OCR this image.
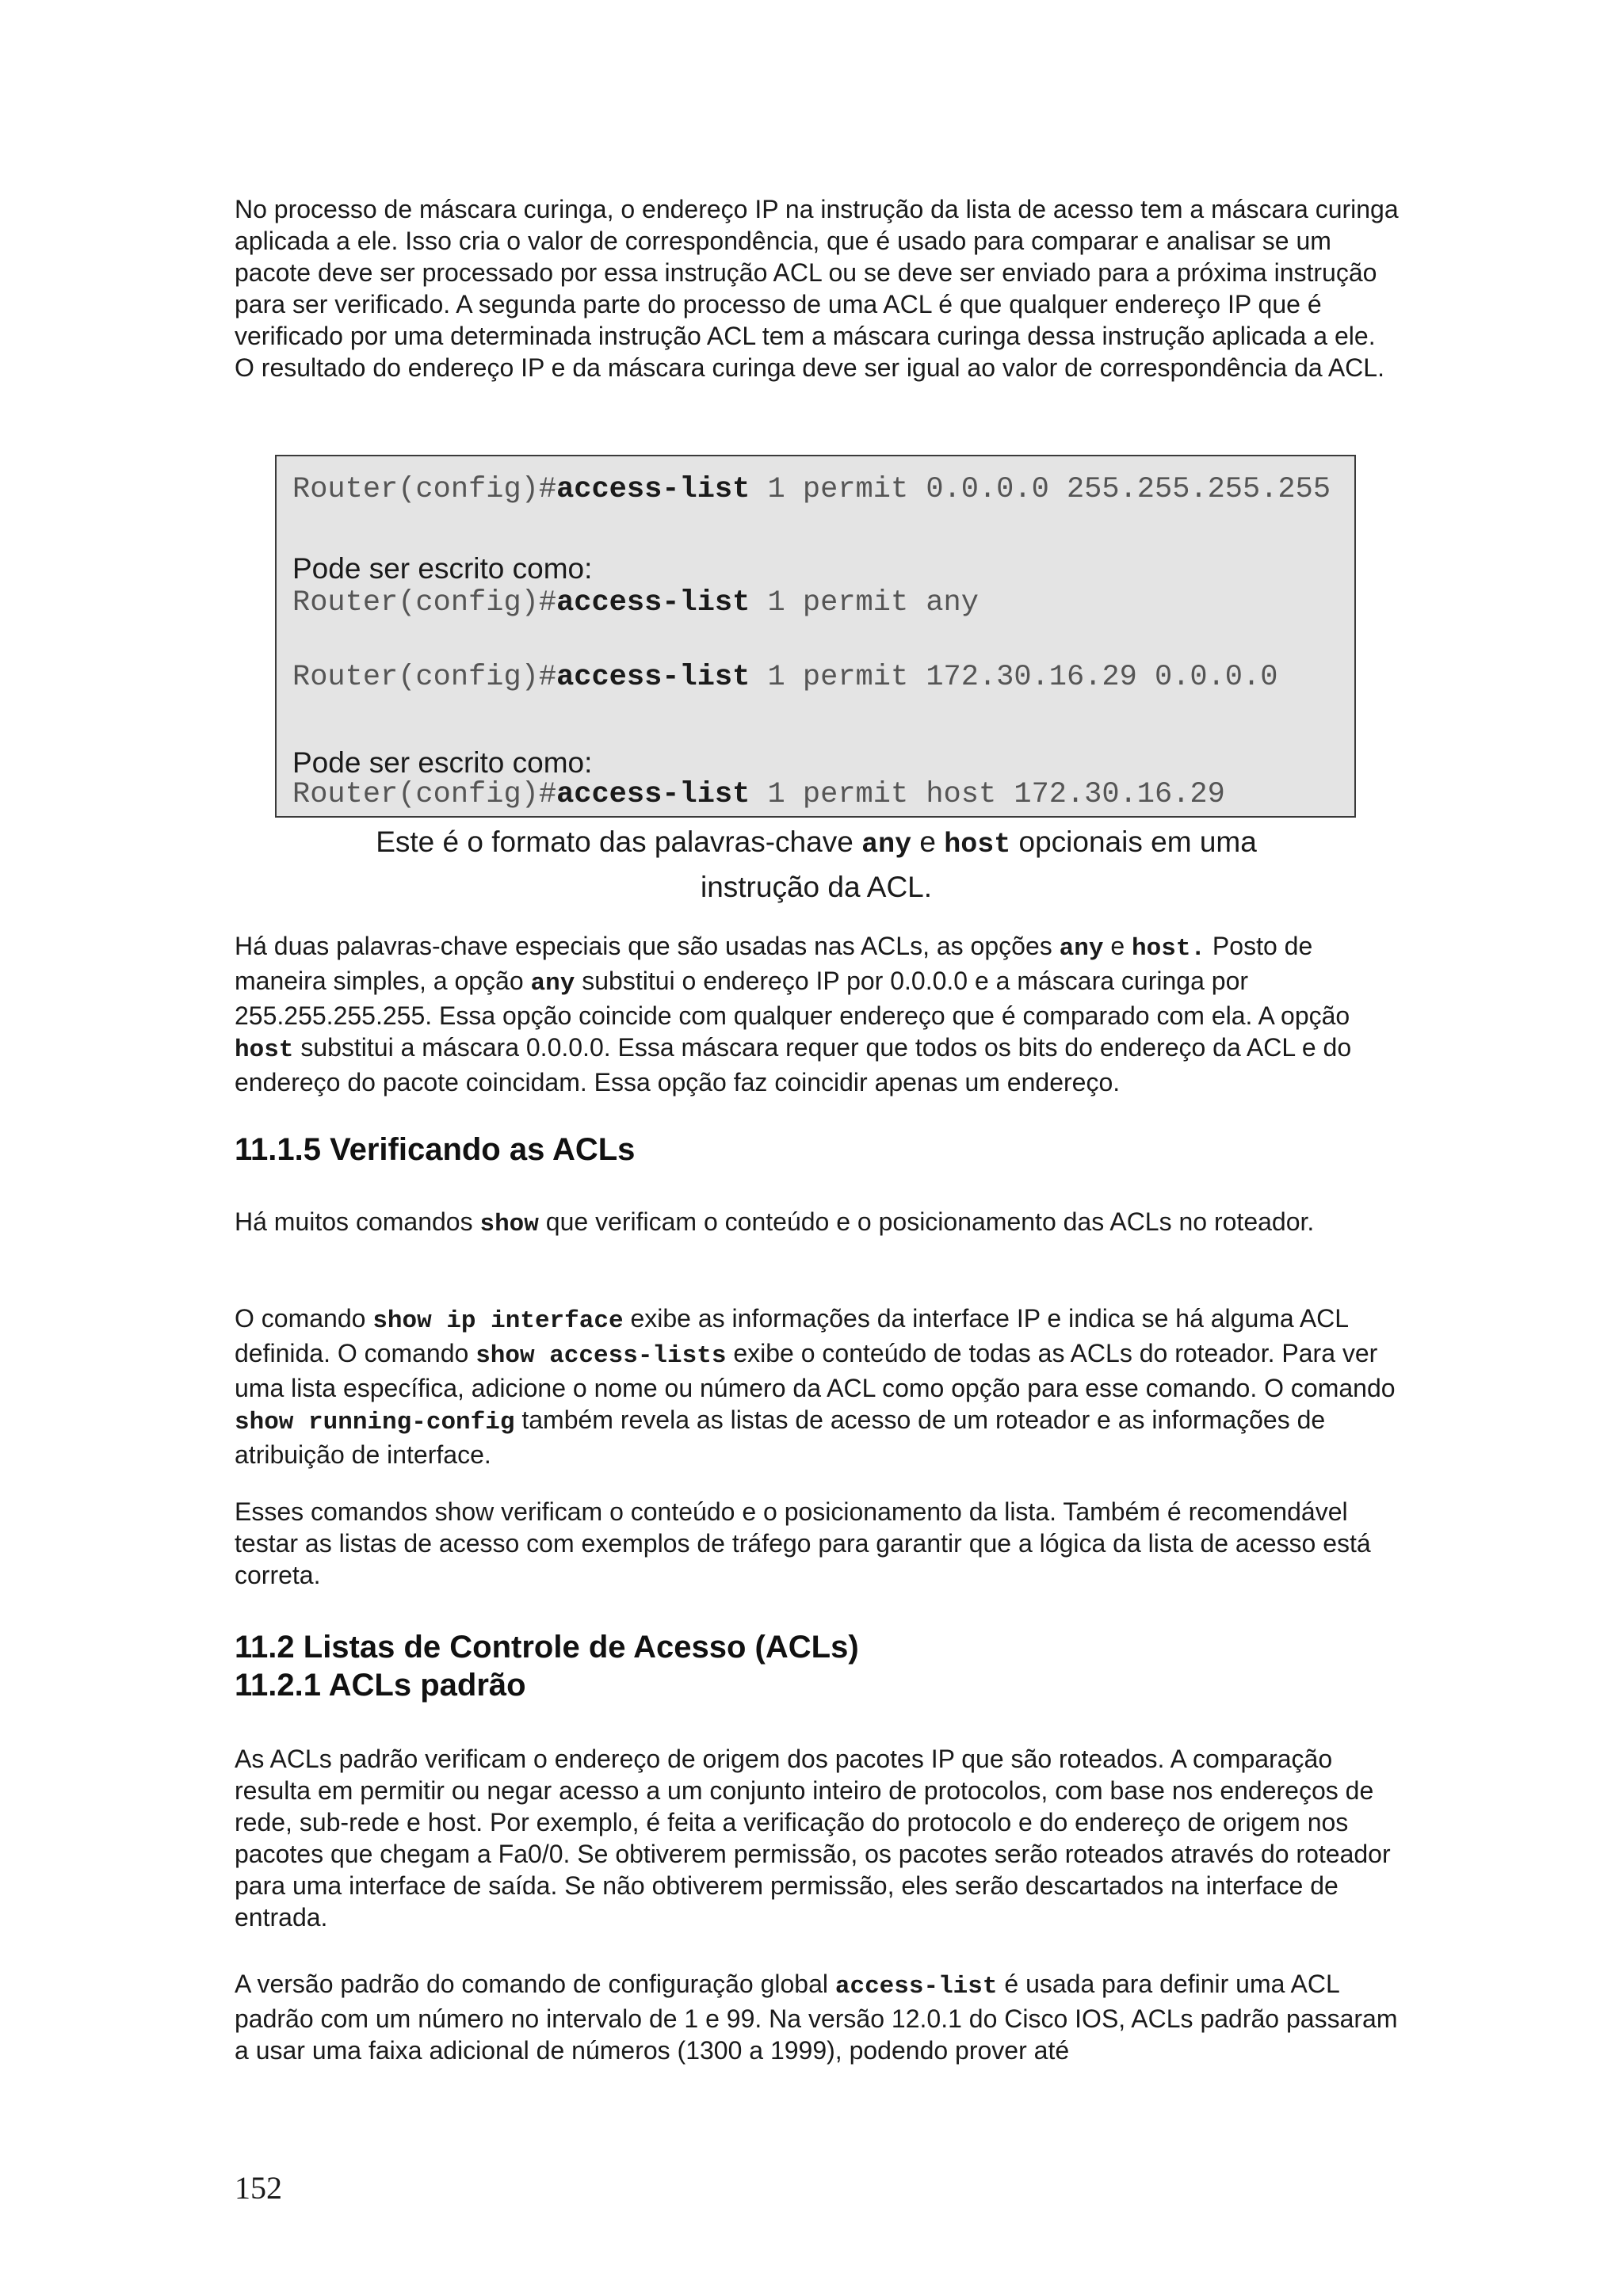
No processo de máscara curinga, o endereço IP na instrução da lista de acesso tem a máscara curinga aplicada a ele. Isso cria o valor de correspondência, que é usado para comparar e analisar se um pacote deve ser processado por essa instrução ACL ou se deve ser enviado para a próxima instrução para ser verificado. A segunda parte do processo de uma ACL é que qualquer endereço IP que é verificado por uma determinada instrução ACL tem a máscara curinga dessa instrução aplicada a ele. O resultado do endereço IP e da máscara curinga deve ser igual ao valor de correspondência da ACL.

Router(config)#access-list 1 permit 0.0.0.0 255.255.255.255
Pode ser escrito como:
Router(config)#access-list 1 permit any
Router(config)#access-list 1 permit 172.30.16.29 0.0.0.0
Pode ser escrito como:
Router(config)#access-list 1 permit host 172.30.16.29
Este é o formato das palavras-chave any e host opcionais em uma
instrução da ACL.

Há duas palavras-chave especiais que são usadas nas ACLs, as opções any e host. Posto de maneira simples, a opção any substitui o endereço IP por 0.0.0.0 e a máscara curinga por 255.255.255.255. Essa opção coincide com qualquer endereço que é comparado com ela. A opção host substitui a máscara 0.0.0.0. Essa máscara requer que todos os bits do endereço da ACL e do endereço do pacote coincidam. Essa opção faz coincidir apenas um endereço.

11.1.5 Verificando as ACLs

Há muitos comandos show que verificam o conteúdo e o posicionamento das ACLs no roteador.

O comando show ip interface exibe as informações da interface IP e indica se há alguma ACL definida. O comando show access-lists exibe o conteúdo de todas as ACLs do roteador. Para ver uma lista específica, adicione o nome ou número da ACL como opção para esse comando. O comando show running-config também revela as listas de acesso de um roteador e as informações de atribuição de interface.

Esses comandos show verificam o conteúdo e o posicionamento da lista. Também é recomendável testar as listas de acesso com exemplos de tráfego para garantir que a lógica da lista de acesso está correta.

11.2 Listas de Controle de Acesso (ACLs)
11.2.1 ACLs padrão

As ACLs padrão verificam o endereço de origem dos pacotes IP que são roteados. A comparação resulta em permitir ou negar acesso a um conjunto inteiro de protocolos, com base nos endereços de rede, sub-rede e host. Por exemplo, é feita a verificação do protocolo e do endereço de origem nos pacotes que chegam a Fa0/0. Se obtiverem permissão, os pacotes serão roteados através do roteador para uma interface de saída. Se não obtiverem permissão, eles serão descartados na interface de entrada.

A versão padrão do comando de configuração global access-list é usada para definir uma ACL padrão com um número no intervalo de 1 e 99. Na versão 12.0.1 do Cisco IOS, ACLs padrão passaram a usar uma faixa adicional de números (1300 a 1999), podendo prover até

152
